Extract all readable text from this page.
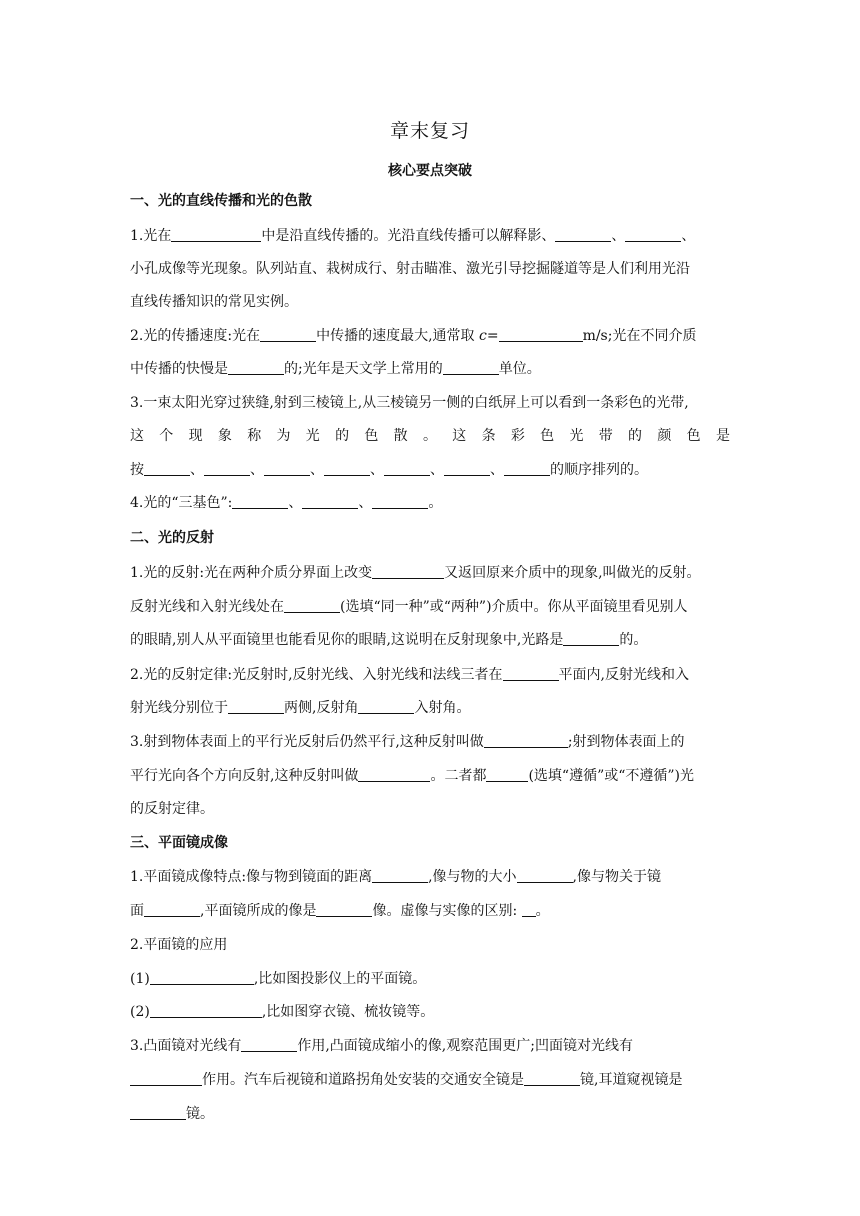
章末复习
核心要点突破
一、光的直线传播和光的色散
1.光在	中是沿直线传播的。光沿直线传播可以解释影、	、	、
小孔成像等光现象。队列站直、栽树成行、射击瞄准、激光引导挖掘隧道等是人们利用光沿
直线传播知识的常见实例。
2.光的传播速度:光在	中传播的速度最大,通常取 c=	m/s;光在不同介质
中传播的快慢是	的;光年是天文学上常用的	单位。
3.一束太阳光穿过狭缝,射到三棱镜上,从三棱镜另一侧的白纸屏上可以看到一条彩色的光带,
这 个 现 象 称 为 光 的 色 散 。 这 条 彩 色 光 带 的 颜 色 是
按	、	、	、	、	、	、	的顺序排列的。
4.光的“三基色”:	、	、	。
二、光的反射
1.光的反射:光在两种介质分界面上改变	又返回原来介质中的现象,叫做光的反射。
反射光线和入射光线处在	(选填“同一种”或“两种”)介质中。你从平面镜里看见别人
的眼睛,别人从平面镜里也能看见你的眼睛,这说明在反射现象中,光路是	的。
2.光的反射定律:光反射时,反射光线、入射光线和法线三者在	平面内,反射光线和入
射光线分别位于	两侧,反射角	入射角。
3.射到物体表面上的平行光反射后仍然平行,这种反射叫做	;射到物体表面上的
平行光向各个方向反射,这种反射叫做	。二者都	(选填“遵循”或“不遵循”)光
的反射定律。
三、平面镜成像
1.平面镜成像特点:像与物到镜面的距离	,像与物的大小	,像与物关于镜
面	,平面镜所成的像是	像。虚像与实像的区别: 。
2.平面镜的应用
(1)	,比如图投影仪上的平面镜。
(2)	,比如图穿衣镜、梳妆镜等。
3.凸面镜对光线有	作用,凸面镜成缩小的像,观察范围更广;凹面镜对光线有
作用。汽车后视镜和道路拐角处安装的交通安全镜是	镜,耳道窥视镜是
镜。
